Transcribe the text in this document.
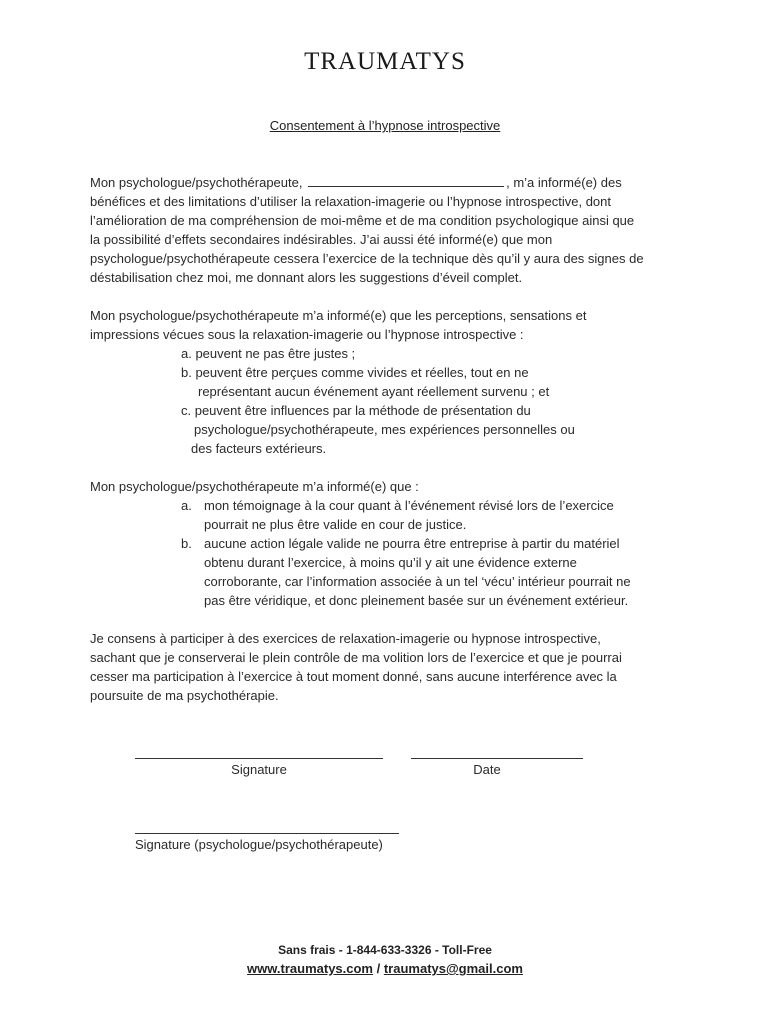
TRAUMATYS
Consentement à l’hypnose introspective
Mon psychologue/psychothérapeute,	, m’a informé(e) des
bénéfices et des limitations d’utiliser la relaxation-imagerie ou l’hypnose introspective, dont
l’amélioration de ma compréhension de moi-même et de ma condition psychologique ainsi que
la possibilité d’effets secondaires indésirables. J’ai aussi été informé(e) que mon
psychologue/psychothérapeute cessera l’exercice de la technique dès qu’il y aura des signes de
déstabilisation chez moi, me donnant alors les suggestions d’éveil complet.
Mon psychologue/psychothérapeute m’a informé(e) que les perceptions, sensations et
impressions vécues sous la relaxation-imagerie ou l’hypnose introspective :
a. peuvent ne pas être justes ;
b. peuvent être perçues comme vivides et réelles, tout en ne
représentant aucun événement ayant réellement survenu ; et
c. peuvent être influences par la méthode de présentation du
psychologue/psychothérapeute, mes expériences personnelles ou
des facteurs extérieurs.
Mon psychologue/psychothérapeute m’a informé(e) que :
a. mon témoignage à la cour quant à l’événement révisé lors de l’exercice
pourrait ne plus être valide en cour de justice.
b. aucune action légale valide ne pourra être entreprise à partir du matériel
obtenu durant l’exercice, à moins qu’il y ait une évidence externe
corroborante, car l’information associée à un tel ‘vécu’ intérieur pourrait ne
pas être véridique, et donc pleinement basée sur un événement extérieur.
Je consens à participer à des exercices de relaxation-imagerie ou hypnose introspective,
sachant que je conserverai le plein contrôle de ma volition lors de l’exercice et que je pourrai
cesser ma participation à l’exercice à tout moment donné, sans aucune interférence avec la
poursuite de ma psychothérapie.
Signature	Date
Signature (psychologue/psychothérapeute)
Sans frais - 1-844-633-3326 - Toll-Free
www.traumatys.com / traumatys@gmail.com
